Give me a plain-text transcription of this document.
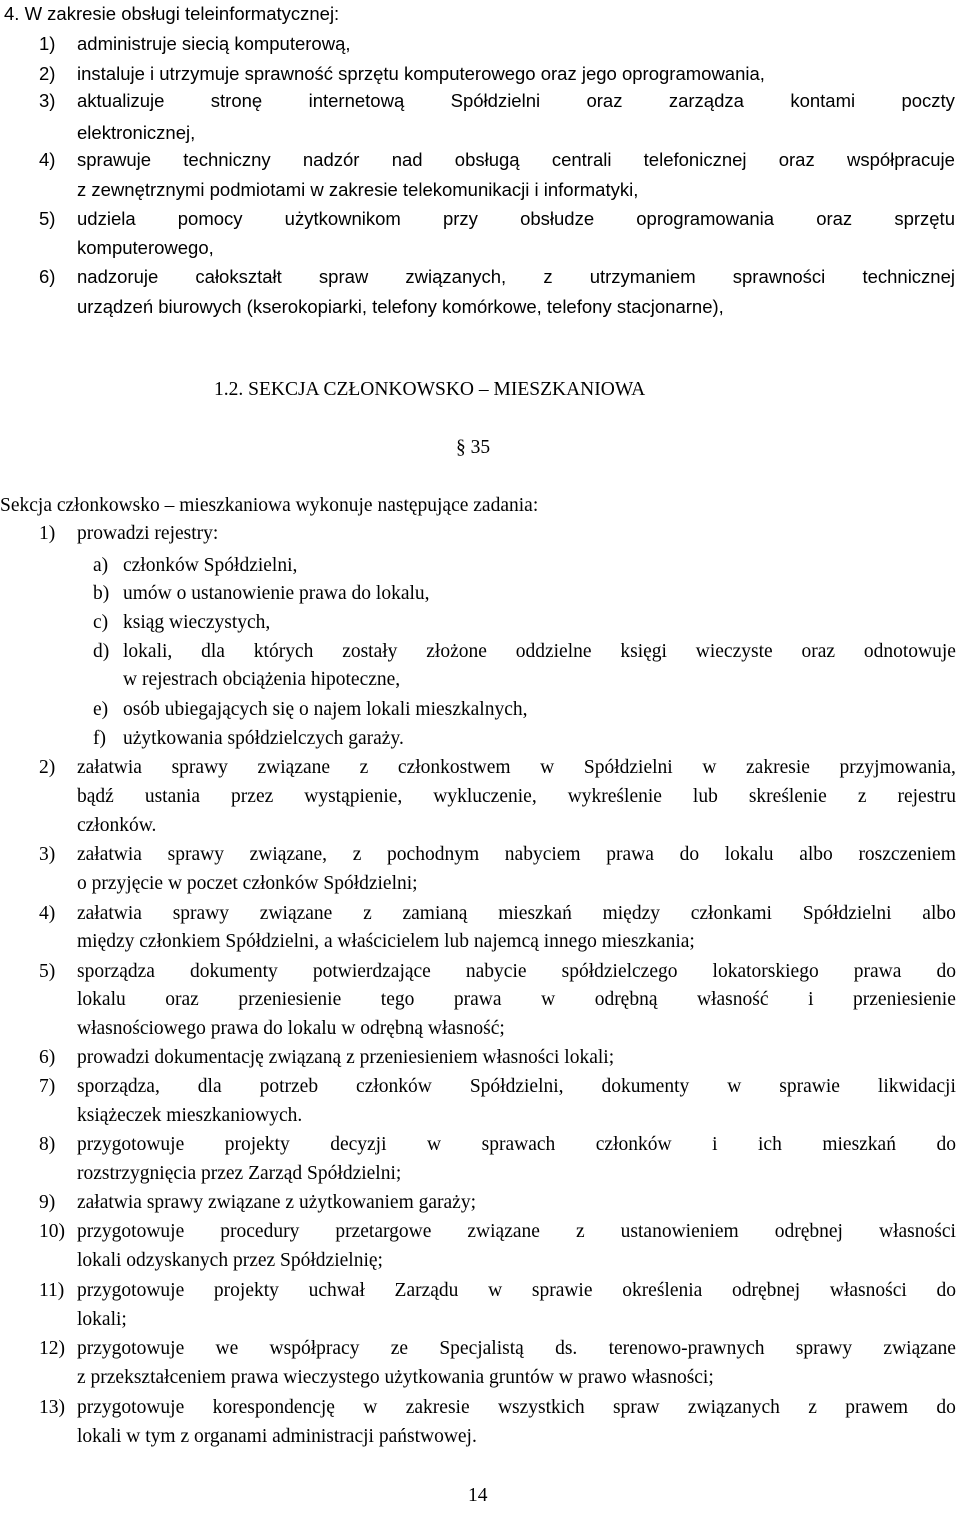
4. W zakresie obsługi teleinformatycznej:
1) administruje siecią komputerową,
2) instaluje i utrzymuje sprawność sprzętu komputerowego oraz jego oprogramowania,
3) aktualizuje	stronę	internetową	Spółdzielni	oraz	zarządza	kontami	poczty
elektronicznej,
4) sprawuje techniczny nadzór nad obsługą centrali telefonicznej oraz współpracuje
z zewnętrznymi podmiotami w zakresie telekomunikacji i informatyki,
5) udziela pomocy użytkownikom przy obsłudze oprogramowania oraz sprzętu
komputerowego,
6) nadzoruje całokształt spraw związanych, z utrzymaniem sprawności technicznej
urządzeń biurowych (kserokopiarki, telefony komórkowe, telefony stacjonarne),
1.2. SEKCJA CZŁONKOWSKO – MIESZKANIOWA
§ 35
Sekcja członkowsko – mieszkaniowa wykonuje następujące zadania:
1) prowadzi rejestry:
a) członków Spółdzielni,
b) umów o ustanowienie prawa do lokalu,
c) ksiąg wieczystych,
d) lokali, dla których zostały złożone oddzielne księgi wieczyste oraz odnotowuje
w rejestrach obciążenia hipoteczne,
e) osób ubiegających się o najem lokali mieszkalnych,
f) użytkowania spółdzielczych garaży.
2) załatwia sprawy związane z członkostwem w Spółdzielni w zakresie przyjmowania,
bądź ustania przez wystąpienie, wykluczenie, wykreślenie lub skreślenie z rejestru
członków.
3) załatwia sprawy związane, z pochodnym nabyciem prawa do lokalu albo roszczeniem
o przyjęcie w poczet członków Spółdzielni;
4) załatwia sprawy związane z zamianą mieszkań między członkami Spółdzielni albo
między członkiem Spółdzielni, a właścicielem lub najemcą innego mieszkania;
5) sporządza dokumenty potwierdzające nabycie spółdzielczego lokatorskiego prawa do
lokalu oraz przeniesienie tego prawa w odrębną własność i przeniesienie
własnościowego prawa do lokalu w odrębną własność;
6) prowadzi dokumentację związaną z przeniesieniem własności lokali;
7) sporządza, dla potrzeb członków Spółdzielni, dokumenty w sprawie likwidacji
książeczek mieszkaniowych.
8) przygotowuje projekty decyzji w sprawach członków i ich mieszkań do
rozstrzygnięcia przez Zarząd Spółdzielni;
9) załatwia sprawy związane z użytkowaniem garaży;
10) przygotowuje procedury przetargowe związane z ustanowieniem odrębnej własności
lokali odzyskanych przez Spółdzielnię;
11) przygotowuje projekty uchwał Zarządu w sprawie określenia odrębnej własności do
lokali;
12) przygotowuje we współpracy ze Specjalistą ds. terenowo-prawnych sprawy związane
z przekształceniem prawa wieczystego użytkowania gruntów w prawo własności;
13) przygotowuje korespondencję w zakresie wszystkich spraw związanych z prawem do
lokali w tym z organami administracji państwowej.
14
